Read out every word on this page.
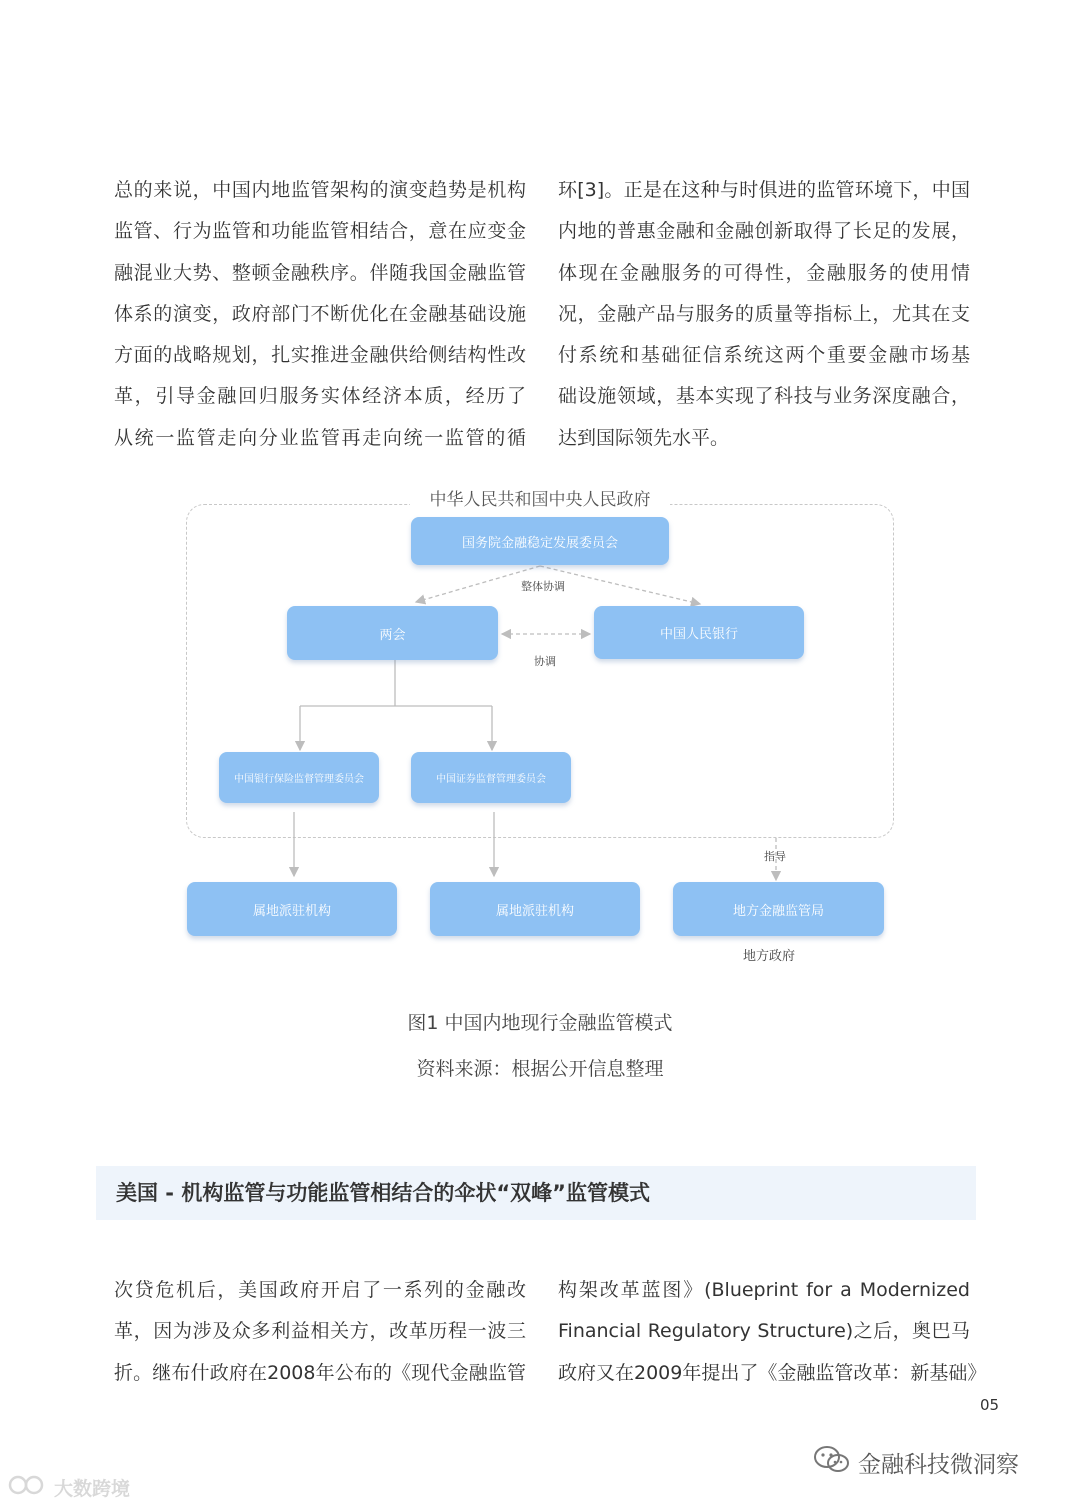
总的来说，中国内地监管架构的演变趋势是机构
监管、行为监管和功能监管相结合，意在应变金
融混业大势、整顿金融秩序。伴随我国金融监管
体系的演变，政府部门不断优化在金融基础设施
方面的战略规划，扎实推进金融供给侧结构性改
革，引导金融回归服务实体经济本质，经历了
从统一监管走向分业监管再走向统一监管的循
环[3]。正是在这种与时俱进的监管环境下，中国
内地的普惠金融和金融创新取得了长足的发展，
体现在金融服务的可得性，金融服务的使用情
况，金融产品与服务的质量等指标上，尤其在支
付系统和基础征信系统这两个重要金融市场基
础设施领域，基本实现了科技与业务深度融合，
达到国际领先水平。
中华人民共和国中央人民政府
国务院金融稳定发展委员会
两会	中国人民银行
中国银行保险监督管理委员会	中国证券监督管理委员会
属地派驻机构	属地派驻机构	地方金融监管局
整体协调
协调
指导
地方政府
图1 中国内地现行金融监管模式
资料来源：根据公开信息整理
美国 - 机构监管与功能监管相结合的伞状“双峰”监管模式
次贷危机后，美国政府开启了一系列的金融改
革，因为涉及众多利益相关方，改革历程一波三
折。继布什政府在2008年公布的《现代金融监管
构架改革蓝图》(Blueprint for a Modernized
Financial Regulatory Structure)之后，奥巴马
政府又在2009年提出了《金融监管改革：新基础》
05
金融科技微洞察
大数跨境
